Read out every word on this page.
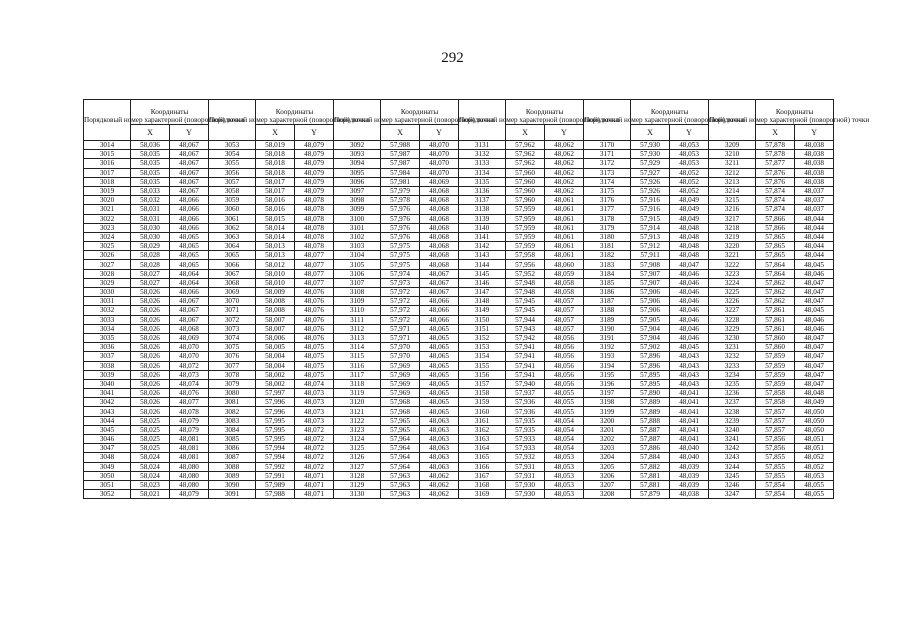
292
Порядковый номер характерной (поворотной) точки	Координаты		Порядковый номер характерной (поворотной) точки	Координаты		Порядковый номер характерной (поворотной) точки	Координаты		Порядковый номер характерной (поворотной) точки	Координаты		Порядковый номер характерной (поворотной) точки	Координаты		Порядковый номер характерной (поворотной) точки	Координаты	
	X	Y		X	Y		X	Y		X	Y		X	Y		X	Y
3014	58,036	48,067	3053	58,019	48,079	3092	57,988	48,070	3131	57,962	48,062	3170	57,930	48,053	3209	57,878	48,038
3015	58,035	48,067	3054	58,018	48,079	3093	57,987	48,070	3132	57,962	48,062	3171	57,930	48,053	3210	57,878	48,038
3016	58,035	48,067	3055	58,018	48,079	3094	57,987	48,070	3133	57,962	48,062	3172	57,929	48,053	3211	57,877	48,038
3017	58,035	48,067	3056	58,018	48,079	3095	57,984	48,070	3134	57,960	48,062	3173	57,927	48,052	3212	57,876	48,038
3018	58,035	48,067	3057	58,017	48,079	3096	57,981	48,069	3135	57,960	48,062	3174	57,926	48,052	3213	57,876	48,038
3019	58,033	48,067	3058	58,017	48,079	3097	57,979	48,068	3136	57,960	48,062	3175	57,926	48,052	3214	57,874	48,037
3020	58,032	48,066	3059	58,016	48,078	3098	57,978	48,068	3137	57,960	48,061	3176	57,916	48,049	3215	57,874	48,037
3021	58,031	48,066	3060	58,016	48,078	3099	57,976	48,068	3138	57,959	48,061	3177	57,916	48,049	3216	57,874	48,037
3022	58,031	48,066	3061	58,015	48,078	3100	57,976	48,068	3139	57,959	48,061	3178	57,915	48,049	3217	57,866	48,044
3023	58,030	48,066	3062	58,014	48,078	3101	57,976	48,068	3140	57,959	48,061	3179	57,914	48,048	3218	57,866	48,044
3024	58,030	48,065	3063	58,014	48,078	3102	57,976	48,068	3141	57,959	48,061	3180	57,913	48,048	3219	57,865	48,044
3025	58,029	48,065	3064	58,013	48,078	3103	57,975	48,068	3142	57,959	48,061	3181	57,912	48,048	3220	57,865	48,044
3026	58,028	48,065	3065	58,013	48,077	3104	57,975	48,068	3143	57,958	48,061	3182	57,911	48,048	3221	57,865	48,044
3027	58,028	48,065	3066	58,012	48,077	3105	57,975	48,068	3144	57,956	48,060	3183	57,908	48,047	3222	57,864	48,045
3028	58,027	48,064	3067	58,010	48,077	3106	57,974	48,067	3145	57,952	48,059	3184	57,907	48,046	3223	57,864	48,046
3029	58,027	48,064	3068	58,010	48,077	3107	57,973	48,067	3146	57,948	48,058	3185	57,907	48,046	3224	57,862	48,047
3030	58,026	48,066	3069	58,009	48,076	3108	57,972	48,067	3147	57,948	48,058	3186	57,906	48,046	3225	57,862	48,047
3031	58,026	48,067	3070	58,008	48,076	3109	57,972	48,066	3148	57,945	48,057	3187	57,906	48,046	3226	57,862	48,047
3032	58,026	48,067	3071	58,008	48,076	3110	57,972	48,066	3149	57,945	48,057	3188	57,906	48,046	3227	57,861	48,045
3033	58,026	48,067	3072	58,007	48,076	3111	57,972	48,066	3150	57,944	48,057	3189	57,905	48,046	3228	57,861	48,046
3034	58,026	48,068	3073	58,007	48,076	3112	57,971	48,065	3151	57,943	48,057	3190	57,904	48,046	3229	57,861	48,046
3035	58,026	48,069	3074	58,006	48,076	3113	57,971	48,065	3152	57,942	48,056	3191	57,904	48,046	3230	57,860	48,047
3036	58,026	48,070	3075	58,005	48,075	3114	57,970	48,065	3153	57,941	48,056	3192	57,902	48,045	3231	57,860	48,047
3037	58,026	48,070	3076	58,004	48,075	3115	57,970	48,065	3154	57,941	48,056	3193	57,896	48,043	3232	57,859	48,047
3038	58,026	48,072	3077	58,004	48,075	3116	57,969	48,065	3155	57,941	48,056	3194	57,896	48,043	3233	57,859	48,047
3039	58,026	48,073	3078	58,002	48,075	3117	57,969	48,065	3156	57,941	48,056	3195	57,895	48,043	3234	57,859	48,047
3040	58,026	48,074	3079	58,002	48,074	3118	57,969	48,065	3157	57,940	48,056	3196	57,895	48,043	3235	57,859	48,047
3041	58,026	48,076	3080	57,997	48,073	3119	57,969	48,065	3158	57,937	48,055	3197	57,890	48,041	3236	57,858	48,048
3042	58,026	48,077	3081	57,996	48,073	3120	57,968	48,065	3159	57,936	48,055	3198	57,889	48,041	3237	57,858	48,049
3043	58,026	48,078	3082	57,996	48,073	3121	57,968	48,065	3160	57,936	48,055	3199	57,889	48,041	3238	57,857	48,050
3044	58,025	48,079	3083	57,995	48,073	3122	57,965	48,063	3161	57,935	48,054	3200	57,888	48,041	3239	57,857	48,050
3045	58,025	48,079	3084	57,995	48,072	3123	57,965	48,063	3162	57,935	48,054	3201	57,887	48,041	3240	57,857	48,050
3046	58,025	48,081	3085	57,995	48,072	3124	57,964	48,063	3163	57,933	48,054	3202	57,887	48,041	3241	57,856	48,051
3047	58,025	48,081	3086	57,994	48,072	3125	57,964	48,063	3164	57,933	48,054	3203	57,886	48,040	3242	57,856	48,051
3048	58,024	48,081	3087	57,994	48,072	3126	57,964	48,063	3165	57,932	48,053	3204	57,884	48,040	3243	57,855	48,052
3049	58,024	48,080	3088	57,992	48,072	3127	57,964	48,063	3166	57,931	48,053	3205	57,882	48,039	3244	57,855	48,052
3050	58,024	48,080	3089	57,991	48,071	3128	57,963	48,062	3167	57,931	48,053	3206	57,881	48,039	3245	57,855	48,053
3051	58,023	48,080	3090	57,989	48,071	3129	57,963	48,062	3168	57,930	48,053	3207	57,881	48,039	3246	57,854	48,055
3052	58,021	48,079	3091	57,988	48,071	3130	57,963	48,062	3169	57,930	48,053	3208	57,879	48,038	3247	57,854	48,055
